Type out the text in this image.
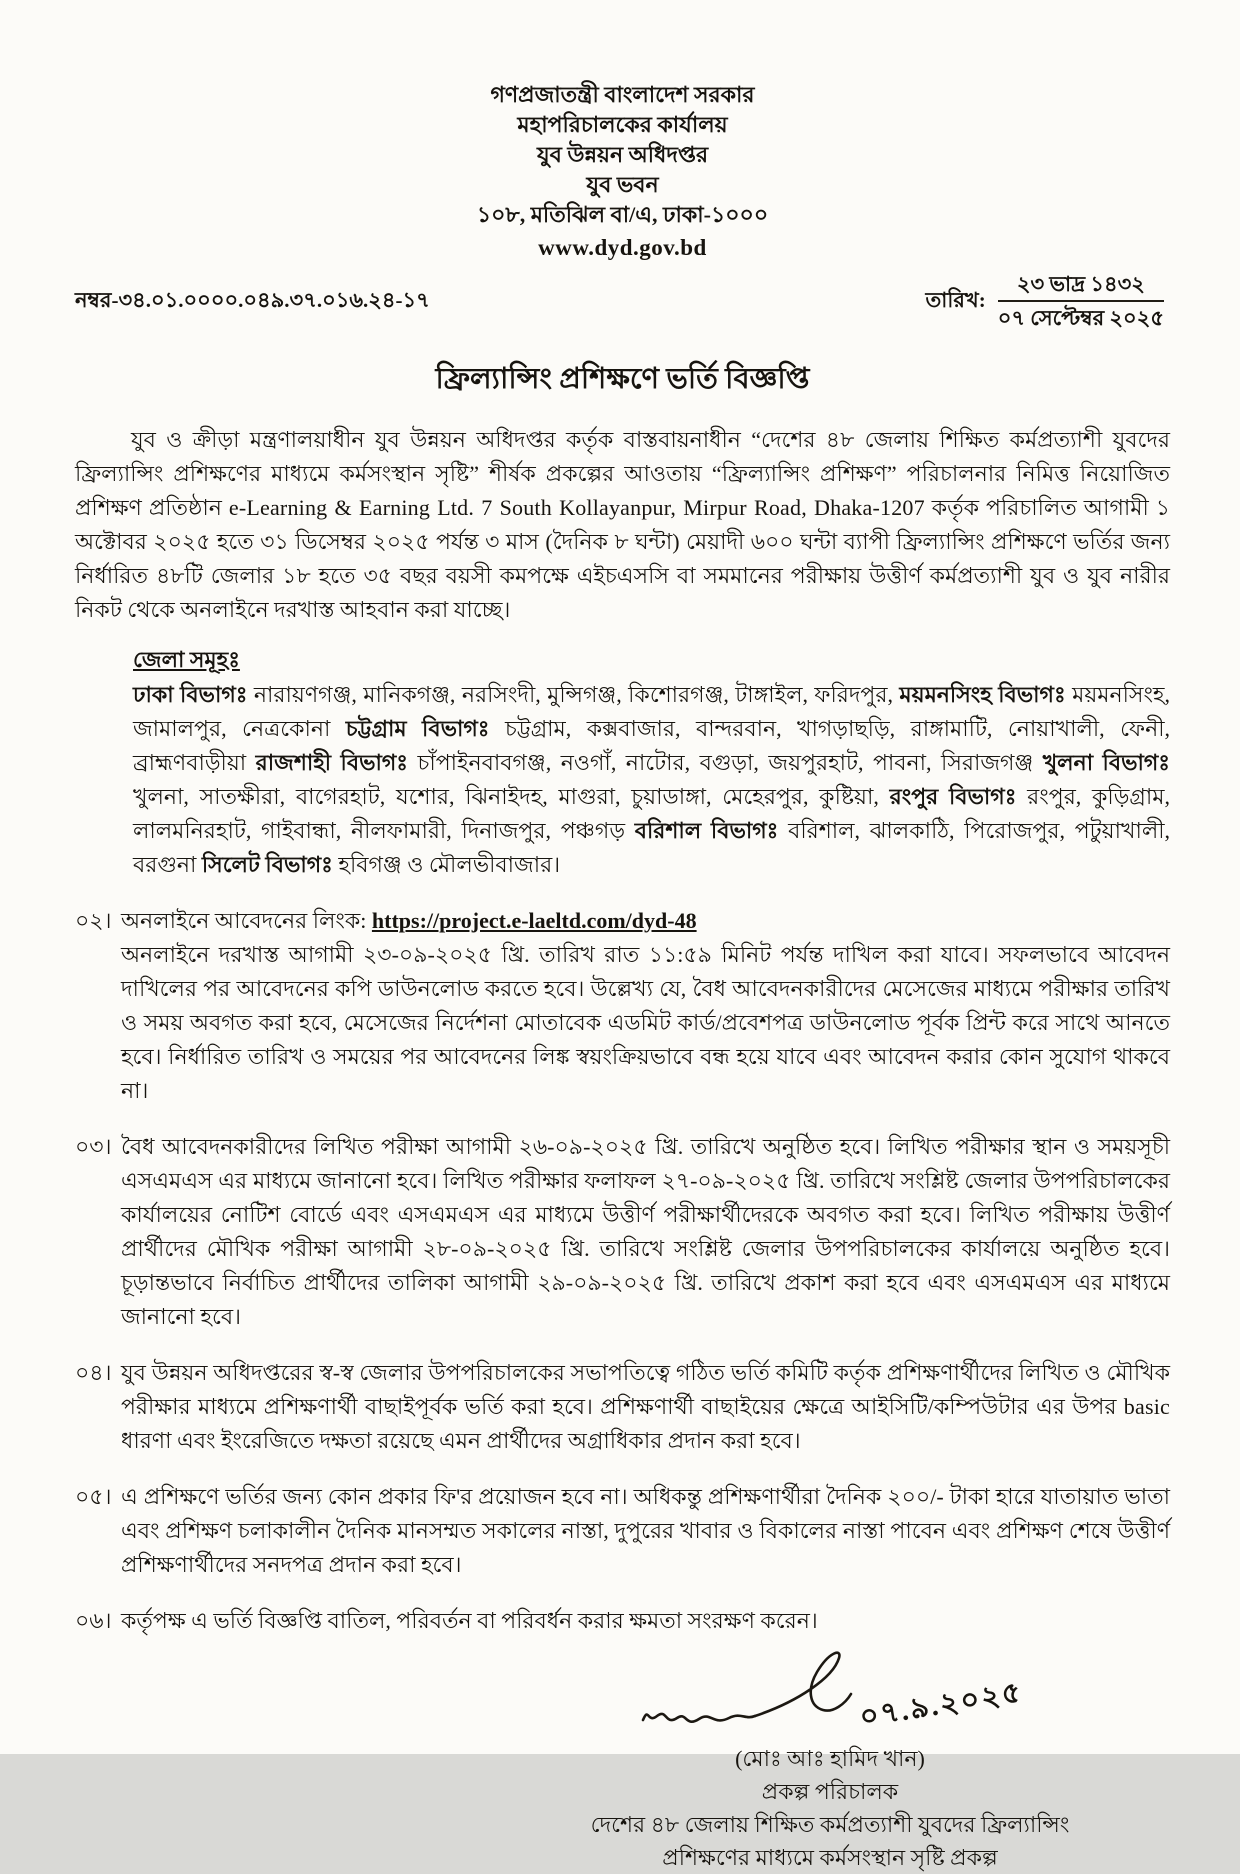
গণপ্রজাতন্ত্রী বাংলাদেশ সরকার
মহাপরিচালকের কার্যালয়
যুব উন্নয়ন অধিদপ্তর
যুব ভবন
১০৮, মতিঝিল বা/এ, ঢাকা-১০০০
www.dyd.gov.bd
নম্বর-৩৪.০১.০০০০.০৪৯.৩৭.০১৬.২৪-১৭	তারিখ: $\frac{\text{২৩ ভাদ্র ১৪৩২}}{\text{০৭ সেপ্টেম্বর ২০২৫}}$
ফ্রিল্যান্সিং প্রশিক্ষণে ভর্তি বিজ্ঞপ্তি

যুব ও ক্রীড়া মন্ত্রণালয়াধীন যুব উন্নয়ন অধিদপ্তর কর্তৃক বাস্তবায়নাধীন “দেশের ৪৮ জেলায় শিক্ষিত কর্মপ্রত্যাশী যুবদের ফ্রিল্যান্সিং প্রশিক্ষণের মাধ্যমে কর্মসংস্থান সৃষ্টি” শীর্ষক প্রকল্পের আওতায় “ফ্রিল্যান্সিং প্রশিক্ষণ” পরিচালনার নিমিত্ত নিয়োজিত প্রশিক্ষণ প্রতিষ্ঠান e-Learning & Earning Ltd. 7 South Kollayanpur, Mirpur Road, Dhaka-1207 কর্তৃক পরিচালিত আগামী ১ অক্টোবর ২০২৫ হতে ৩১ ডিসেম্বর ২০২৫ পর্যন্ত ৩ মাস (দৈনিক ৮ ঘন্টা) মেয়াদী ৬০০ ঘন্টা ব্যাপী ফ্রিল্যান্সিং প্রশিক্ষণে ভর্তির জন্য নির্ধারিত ৪৮টি জেলার ১৮ হতে ৩৫ বছর বয়সী কমপক্ষে এইচএসসি বা সমমানের পরীক্ষায় উত্তীর্ণ কর্মপ্রত্যাশী যুব ও যুব নারীর নিকট থেকে অনলাইনে দরখাস্ত আহবান করা যাচ্ছে।

জেলা সমূহঃ

ঢাকা বিভাগঃ নারায়ণগঞ্জ, মানিকগঞ্জ, নরসিংদী, মুন্সিগঞ্জ, কিশোরগঞ্জ, টাঙ্গাইল, ফরিদপুর, ময়মনসিংহ বিভাগঃ ময়মনসিংহ, জামালপুর, নেত্রকোনা চট্টগ্রাম বিভাগঃ চট্টগ্রাম, কক্সবাজার, বান্দরবান, খাগড়াছড়ি, রাঙ্গামাটি, নোয়াখালী, ফেনী, ব্রাহ্মণবাড়ীয়া রাজশাহী বিভাগঃ চাঁপাইনবাবগঞ্জ, নওগাঁ, নাটোর, বগুড়া, জয়পুরহাট, পাবনা, সিরাজগঞ্জ খুলনা বিভাগঃ খুলনা, সাতক্ষীরা, বাগেরহাট, যশোর, ঝিনাইদহ, মাগুরা, চুয়াডাঙ্গা, মেহেরপুর, কুষ্টিয়া, রংপুর বিভাগঃ রংপুর, কুড়িগ্রাম, লালমনিরহাট, গাইবান্ধা, নীলফামারী, দিনাজপুর, পঞ্চগড় বরিশাল বিভাগঃ বরিশাল, ঝালকাঠি, পিরোজপুর, পটুয়াখালী, বরগুনা সিলেট বিভাগঃ হবিগঞ্জ ও মৌলভীবাজার।

০২। অনলাইনে আবেদনের লিংক: https://project.e-laeltd.com/dyd-48
অনলাইনে দরখাস্ত আগামী ২৩-০৯-২০২৫ খ্রি. তারিখ রাত ১১:৫৯ মিনিট পর্যন্ত দাখিল করা যাবে। সফলভাবে আবেদন দাখিলের পর আবেদনের কপি ডাউনলোড করতে হবে। উল্লেখ্য যে, বৈধ আবেদনকারীদের মেসেজের মাধ্যমে পরীক্ষার তারিখ ও সময় অবগত করা হবে, মেসেজের নির্দেশনা মোতাবেক এডমিট কার্ড/প্রবেশপত্র ডাউনলোড পূর্বক প্রিন্ট করে সাথে আনতে হবে। নির্ধারিত তারিখ ও সময়ের পর আবেদনের লিঙ্ক স্বয়ংক্রিয়ভাবে বন্ধ হয়ে যাবে এবং আবেদন করার কোন সুযোগ থাকবে না।
০৩। বৈধ আবেদনকারীদের লিখিত পরীক্ষা আগামী ২৬-০৯-২০২৫ খ্রি. তারিখে অনুষ্ঠিত হবে। লিখিত পরীক্ষার স্থান ও সময়সূচী এসএমএস এর মাধ্যমে জানানো হবে। লিখিত পরীক্ষার ফলাফল ২৭-০৯-২০২৫ খ্রি. তারিখে সংশ্লিষ্ট জেলার উপপরিচালকের কার্যালয়ের নোটিশ বোর্ডে এবং এসএমএস এর মাধ্যমে উত্তীর্ণ পরীক্ষার্থীদেরকে অবগত করা হবে। লিখিত পরীক্ষায় উত্তীর্ণ প্রার্থীদের মৌখিক পরীক্ষা আগামী ২৮-০৯-২০২৫ খ্রি. তারিখে সংশ্লিষ্ট জেলার উপপরিচালকের কার্যালয়ে অনুষ্ঠিত হবে। চূড়ান্তভাবে নির্বাচিত প্রার্থীদের তালিকা আগামী ২৯-০৯-২০২৫ খ্রি. তারিখে প্রকাশ করা হবে এবং এসএমএস এর মাধ্যমে জানানো হবে।
০৪। যুব উন্নয়ন অধিদপ্তরের স্ব-স্ব জেলার উপপরিচালকের সভাপতিত্বে গঠিত ভর্তি কমিটি কর্তৃক প্রশিক্ষণার্থীদের লিখিত ও মৌখিক পরীক্ষার মাধ্যমে প্রশিক্ষণার্থী বাছাইপূর্বক ভর্তি করা হবে। প্রশিক্ষণার্থী বাছাইয়ের ক্ষেত্রে আইসিটি/কম্পিউটার এর উপর basic ধারণা এবং ইংরেজিতে দক্ষতা রয়েছে এমন প্রার্থীদের অগ্রাধিকার প্রদান করা হবে।
০৫। এ প্রশিক্ষণে ভর্তির জন্য কোন প্রকার ফি'র প্রয়োজন হবে না। অধিকন্তু প্রশিক্ষণার্থীরা দৈনিক ২০০/- টাকা হারে যাতায়াত ভাতা এবং প্রশিক্ষণ চলাকালীন দৈনিক মানসম্মত সকালের নাস্তা, দুপুরের খাবার ও বিকালের নাস্তা পাবেন এবং প্রশিক্ষণ শেষে উত্তীর্ণ প্রশিক্ষণার্থীদের সনদপত্র প্রদান করা হবে।
০৬। কর্তৃপক্ষ এ ভর্তি বিজ্ঞপ্তি বাতিল, পরিবর্তন বা পরিবর্ধন করার ক্ষমতা সংরক্ষণ করেন।
০৭.৯.২০২৫
(মোঃ আঃ হামিদ খান)
প্রকল্প পরিচালক
দেশের ৪৮ জেলায় শিক্ষিত কর্মপ্রত্যাশী যুবদের ফ্রিল্যান্সিং
প্রশিক্ষণের মাধ্যমে কর্মসংস্থান সৃষ্টি প্রকল্প
